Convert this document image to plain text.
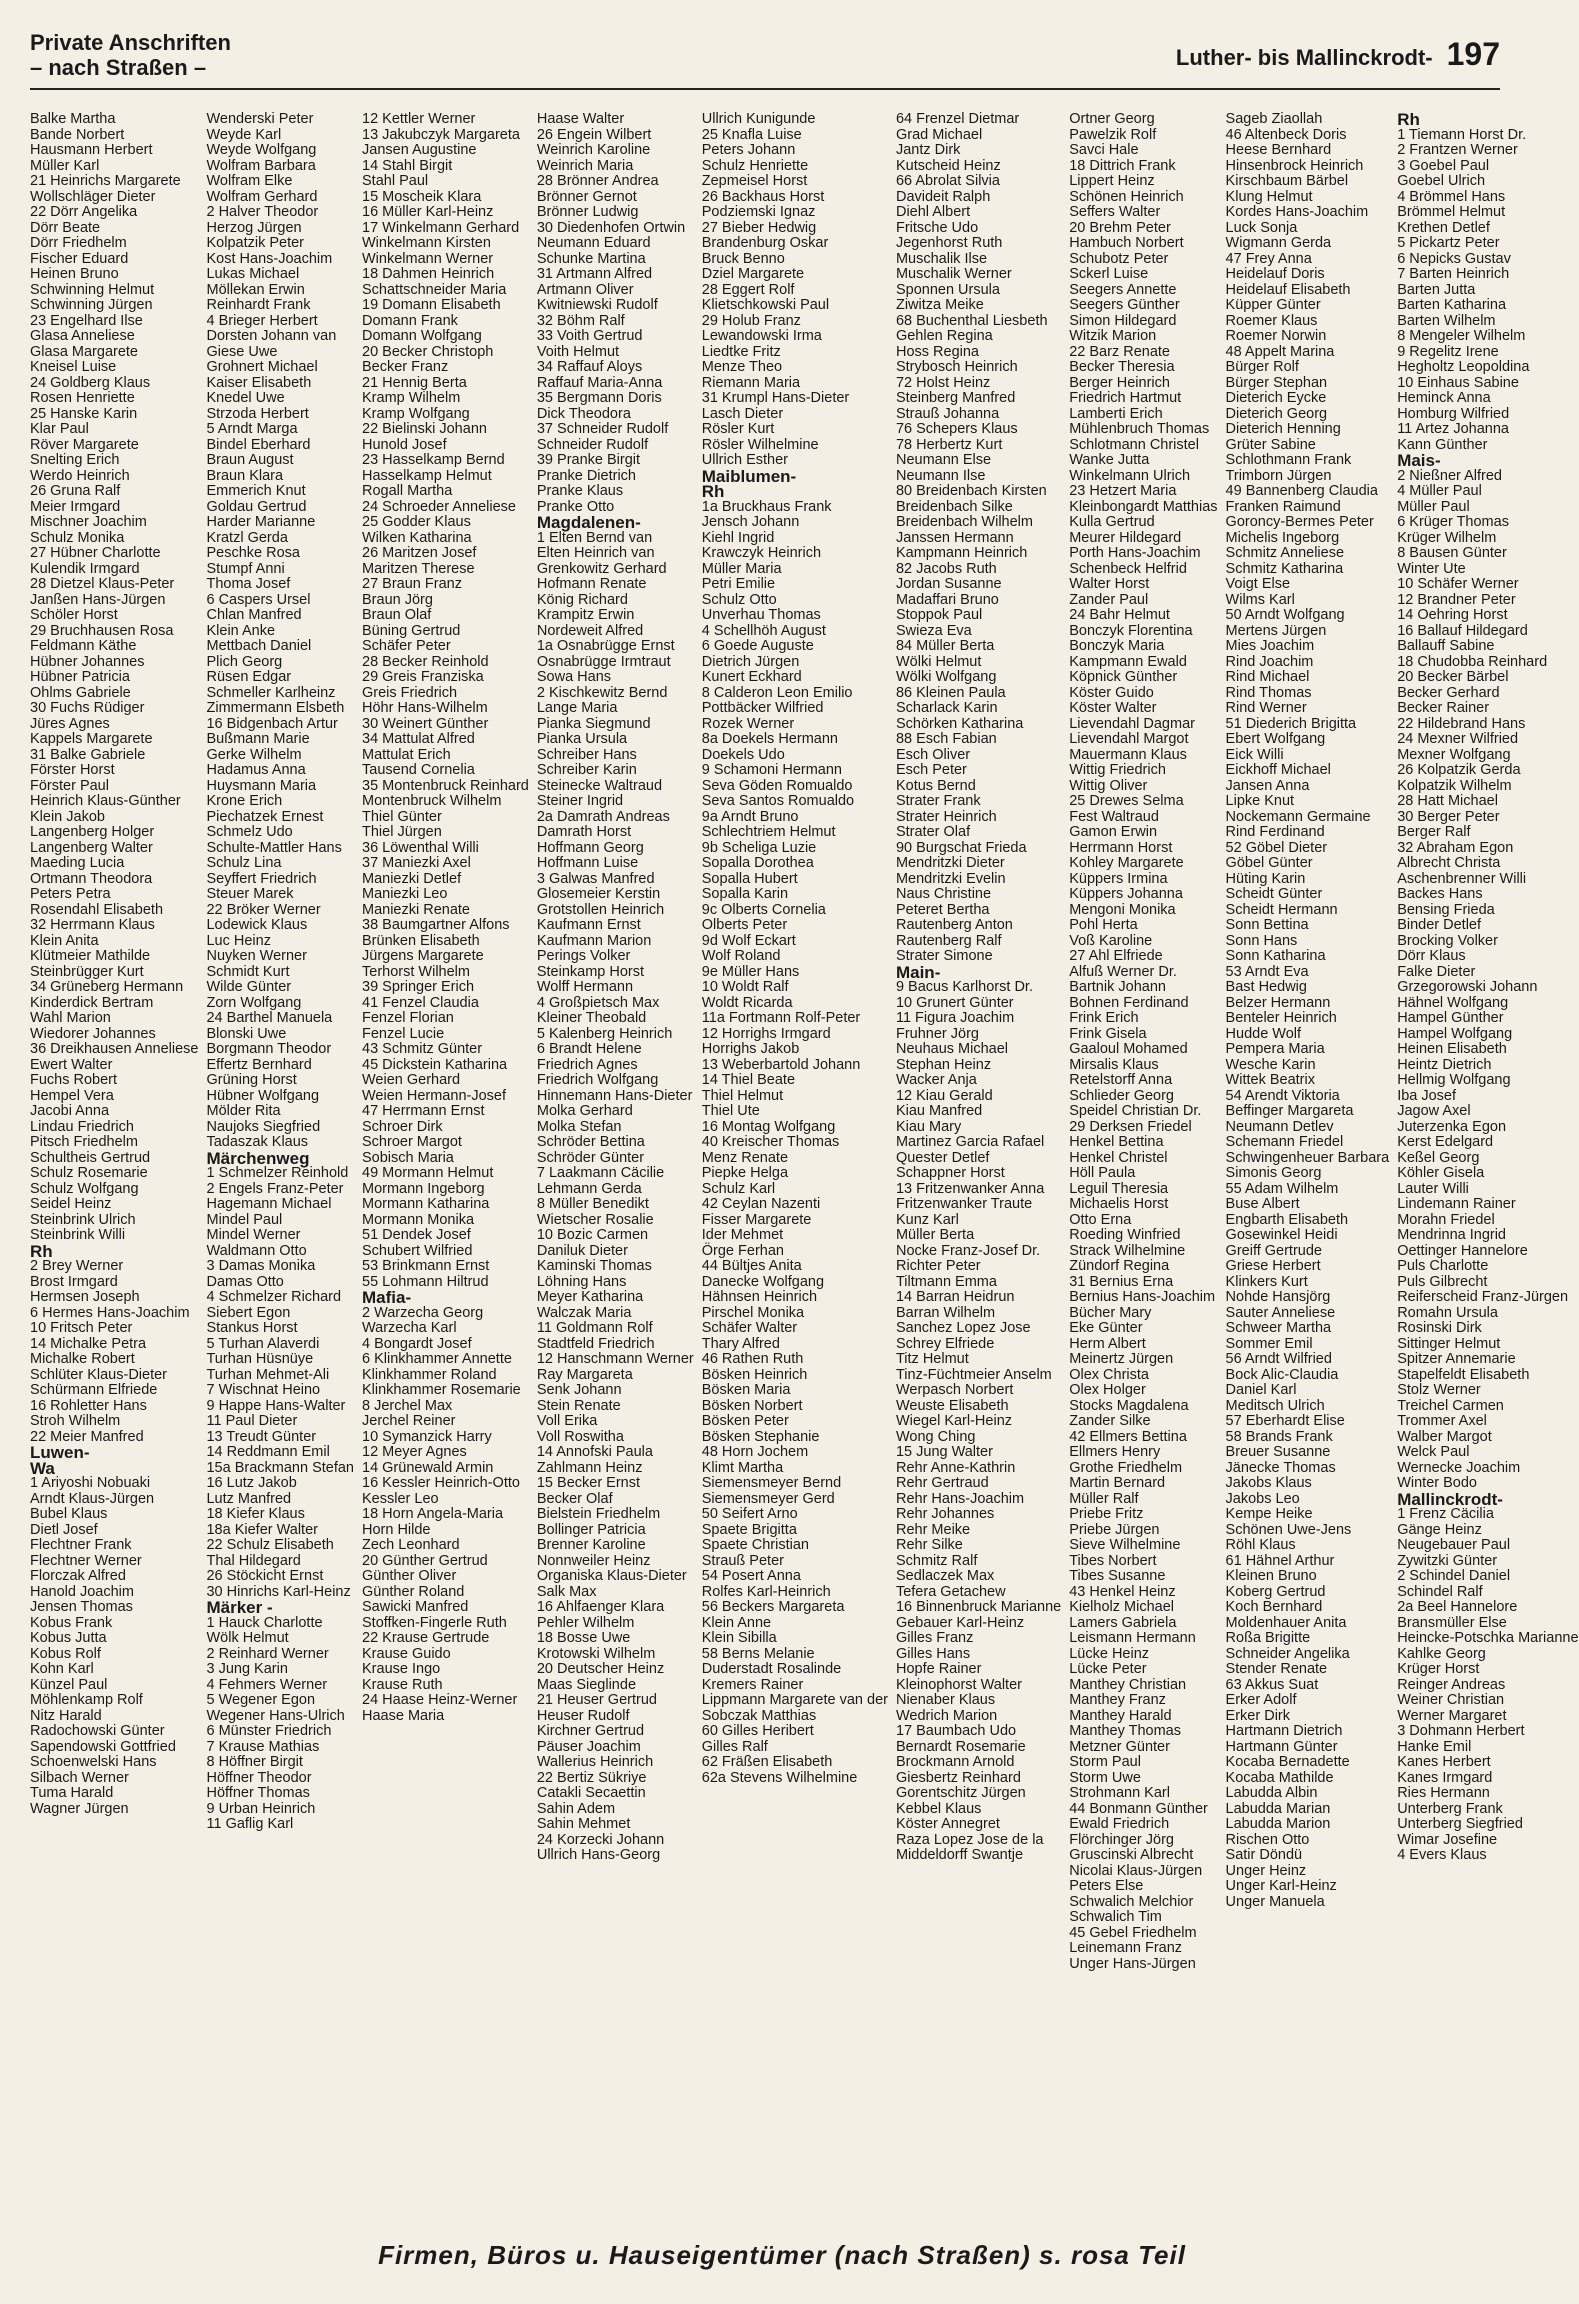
Private Anschriften
– nach Straßen –	Luther- bis Mallinckrodt- 197
Balke Martha
Bande Norbert
Hausmann Herbert
Müller Karl
21 Heinrichs Margarete
Wollschläger Dieter
22 Dörr Angelika
Dörr Beate
Dörr Friedhelm
Fischer Eduard
Heinen Bruno
Schwinning Helmut
Schwinning Jürgen
23 Engelhard Ilse
Glasa Anneliese
Glasa Margarete
Kneisel Luise
24 Goldberg Klaus
Rosen Henriette
25 Hanske Karin
Klar Paul
Röver Margarete
Snelting Erich
Werdo Heinrich
26 Gruna Ralf
Meier Irmgard
Mischner Joachim
Schulz Monika
27 Hübner Charlotte
Kulendik Irmgard
28 Dietzel Klaus-Peter
Janßen Hans-Jürgen
Schöler Horst
29 Bruchhausen Rosa
Feldmann Käthe
Hübner Johannes
Hübner Patricia
Ohlms Gabriele
30 Fuchs Rüdiger
Jüres Agnes
Kappels Margarete
31 Balke Gabriele
Förster Horst
Förster Paul
Heinrich Klaus-Günther
Klein Jakob
Langenberg Holger
Langenberg Walter
Maeding Lucia
Ortmann Theodora
Peters Petra
Rosendahl Elisabeth
32 Herrmann Klaus
Klein Anita
Klütmeier Mathilde
Steinbrügger Kurt
34 Grüneberg Hermann
Kinderdick Bertram
Wahl Marion
Wiedorer Johannes
36 Dreikhausen Anneliese
Ewert Walter
Fuchs Robert
Hempel Vera
Jacobi Anna
Lindau Friedrich
Pitsch Friedhelm
Schultheis Gertrud
Schulz Rosemarie
Schulz Wolfgang
Seidel Heinz
Steinbrink Ulrich
Steinbrink Willi
Rh
2 Brey Werner
Brost Irmgard
Hermsen Joseph
6 Hermes Hans-Joachim
10 Fritsch Peter
14 Michalke Petra
Michalke Robert
Schlüter Klaus-Dieter
Schürmann Elfriede
16 Rohletter Hans
Stroh Wilhelm
22 Meier Manfred
Luwen-
Wa
1 Ariyoshi Nobuaki
Arndt Klaus-Jürgen
Bubel Klaus
Dietl Josef
Flechtner Frank
Flechtner Werner
Florczak Alfred
Hanold Joachim
Jensen Thomas
Kobus Frank
Kobus Jutta
Kobus Rolf
Kohn Karl
Künzel Paul
Möhlenkamp Rolf
Nitz Harald
Radochowski Günter
Sapendowski Gottfried
Schoenwelski Hans
Silbach Werner
Tuma Harald
Wagner Jürgen
Wenderski Peter
Weyde Karl
Weyde Wolfgang
Wolfram Barbara
Wolfram Elke
Wolfram Gerhard
2 Halver Theodor
Herzog Jürgen
Kolpatzik Peter
Kost Hans-Joachim
Lukas Michael
Möllekan Erwin
Reinhardt Frank
4 Brieger Herbert
Dorsten Johann van
Giese Uwe
Grohnert Michael
Kaiser Elisabeth
Knedel Uwe
Strzoda Herbert
5 Arndt Marga
Bindel Eberhard
Braun August
Braun Klara
Emmerich Knut
Goldau Gertrud
Harder Marianne
Kratzl Gerda
Peschke Rosa
Stumpf Anni
Thoma Josef
6 Caspers Ursel
Chlan Manfred
Klein Anke
Mettbach Daniel
Plich Georg
Rüsen Edgar
Schmeller Karlheinz
Zimmermann Elsbeth
16 Bidgenbach Artur
Bußmann Marie
Gerke Wilhelm
Hadamus Anna
Huysmann Maria
Krone Erich
Piechatzek Ernest
Schmelz Udo
Schulte-Mattler Hans
Schulz Lina
Seyffert Friedrich
Steuer Marek
22 Bröker Werner
Lodewick Klaus
Luc Heinz
Nuyken Werner
Schmidt Kurt
Wilde Günter
Zorn Wolfgang
24 Barthel Manuela
Blonski Uwe
Borgmann Theodor
Effertz Bernhard
Grüning Horst
Hübner Wolfgang
Mölder Rita
Naujoks Siegfried
Tadaszak Klaus
Märchenweg
1 Schmelzer Reinhold
2 Engels Franz-Peter
Hagemann Michael
Mindel Paul
Mindel Werner
Waldmann Otto
3 Damas Monika
Damas Otto
4 Schmelzer Richard
Siebert Egon
Stankus Horst
5 Turhan Alaverdi
Turhan Hüsnüye
Turhan Mehmet-Ali
7 Wischnat Heino
9 Happe Hans-Walter
11 Paul Dieter
13 Treudt Günter
14 Reddmann Emil
15a Brackmann Stefan
16 Lutz Jakob
Lutz Manfred
18 Kiefer Klaus
18a Kiefer Walter
22 Schulz Elisabeth
Thal Hildegard
26 Stöckicht Ernst
30 Hinrichs Karl-Heinz
Märker -
1 Hauck Charlotte
Wölk Helmut
2 Reinhard Werner
3 Jung Karin
4 Fehmers Werner
5 Wegener Egon
Wegener Hans-Ulrich
6 Münster Friedrich
7 Krause Mathias
8 Höffner Birgit
Höffner Theodor
Höffner Thomas
9 Urban Heinrich
11 Gaflig Karl
12 Kettler Werner
13 Jakubczyk Margareta
Jansen Augustine
14 Stahl Birgit
Stahl Paul
15 Moscheik Klara
16 Müller Karl-Heinz
17 Winkelmann Gerhard
Winkelmann Kirsten
Winkelmann Werner
18 Dahmen Heinrich
Schattschneider Maria
19 Domann Elisabeth
Domann Frank
Domann Wolfgang
20 Becker Christoph
Becker Franz
21 Hennig Berta
Kramp Wilhelm
Kramp Wolfgang
22 Bielinski Johann
Hunold Josef
23 Hasselkamp Bernd
Hasselkamp Helmut
Rogall Martha
24 Schroeder Anneliese
25 Godder Klaus
Wilken Katharina
26 Maritzen Josef
Maritzen Therese
27 Braun Franz
Braun Jörg
Braun Olaf
Büning Gertrud
Schäfer Peter
28 Becker Reinhold
29 Greis Franziska
Greis Friedrich
Höhr Hans-Wilhelm
30 Weinert Günther
34 Mattulat Alfred
Mattulat Erich
Tausend Cornelia
35 Montenbruck Reinhard
Montenbruck Wilhelm
Thiel Günter
Thiel Jürgen
36 Löwenthal Willi
37 Maniezki Axel
Maniezki Detlef
Maniezki Leo
Maniezki Renate
38 Baumgartner Alfons
Brünken Elisabeth
Jürgens Margarete
Terhorst Wilhelm
39 Springer Erich
41 Fenzel Claudia
Fenzel Florian
Fenzel Lucie
43 Schmitz Günter
45 Dickstein Katharina
Weien Gerhard
Weien Hermann-Josef
47 Herrmann Ernst
Schroer Dirk
Schroer Margot
Sobisch Maria
49 Mormann Helmut
Mormann Ingeborg
Mormann Katharina
Mormann Monika
51 Dendek Josef
Schubert Wilfried
53 Brinkmann Ernst
55 Lohmann Hiltrud
Mafia-
2 Warzecha Georg
Warzecha Karl
4 Bongardt Josef
6 Klinkhammer Annette
Klinkhammer Roland
Klinkhammer Rosemarie
8 Jerchel Max
Jerchel Reiner
10 Symanzick Harry
12 Meyer Agnes
14 Grünewald Armin
16 Kessler Heinrich-Otto
Kessler Leo
18 Horn Angela-Maria
Horn Hilde
Zech Leonhard
20 Günther Gertrud
Günther Oliver
Günther Roland
Sawicki Manfred
Stoffken-Fingerle Ruth
22 Krause Gertrude
Krause Guido
Krause Ingo
Krause Ruth
24 Haase Heinz-Werner
Haase Maria
Haase Walter
26 Engein Wilbert
Weinrich Karoline
Weinrich Maria
28 Brönner Andrea
Brönner Gernot
Brönner Ludwig
30 Diedenhofen Ortwin
Neumann Eduard
Schunke Martina
31 Artmann Alfred
Artmann Oliver
Kwitniewski Rudolf
32 Böhm Ralf
33 Voith Gertrud
Voith Helmut
34 Raffauf Aloys
Raffauf Maria-Anna
35 Bergmann Doris
Dick Theodora
37 Schneider Rudolf
Schneider Rudolf
39 Pranke Birgit
Pranke Dietrich
Pranke Klaus
Pranke Otto
Magdalenen-
1 Elten Bernd van
Elten Heinrich van
Grenkowitz Gerhard
Hofmann Renate
König Richard
Krampitz Erwin
Nordeweit Alfred
1a Osnabrügge Ernst
Osnabrügge Irmtraut
Sowa Hans
2 Kischkewitz Bernd
Lange Maria
Pianka Siegmund
Pianka Ursula
Schreiber Hans
Schreiber Karin
Steinecke Waltraud
Steiner Ingrid
2a Damrath Andreas
Damrath Horst
Hoffmann Georg
Hoffmann Luise
3 Galwas Manfred
Glosemeier Kerstin
Grotstollen Heinrich
Kaufmann Ernst
Kaufmann Marion
Perings Volker
Steinkamp Horst
Wolff Hermann
4 Großpietsch Max
Kleiner Theobald
5 Kalenberg Heinrich
6 Brandt Helene
Friedrich Agnes
Friedrich Wolfgang
Hinnemann Hans-Dieter
Molka Gerhard
Molka Stefan
Schröder Bettina
Schröder Günter
7 Laakmann Cäcilie
Lehmann Gerda
8 Müller Benedikt
Wietscher Rosalie
10 Bozic Carmen
Daniluk Dieter
Kaminski Thomas
Löhning Hans
Meyer Katharina
Walczak Maria
11 Goldmann Rolf
Stadtfeld Friedrich
12 Hanschmann Werner
Ray Margareta
Senk Johann
Stein Renate
Voll Erika
Voll Roswitha
14 Annofski Paula
Zahlmann Heinz
15 Becker Ernst
Becker Olaf
Bielstein Friedhelm
Bollinger Patricia
Brenner Karoline
Nonnweiler Heinz
Organiska Klaus-Dieter
Salk Max
16 Ahlfaenger Klara
Pehler Wilhelm
18 Bosse Uwe
Krotowski Wilhelm
20 Deutscher Heinz
Maas Sieglinde
21 Heuser Gertrud
Heuser Rudolf
Kirchner Gertrud
Päuser Joachim
Wallerius Heinrich
22 Bertiz Sükriye
Catakli Secaettin
Sahin Adem
Sahin Mehmet
24 Korzecki Johann
Ullrich Hans-Georg
Ullrich Kunigunde
25 Knafla Luise
Peters Johann
Schulz Henriette
Zepmeisel Horst
26 Backhaus Horst
Podziemski Ignaz
27 Bieber Hedwig
Brandenburg Oskar
Bruck Benno
Dziel Margarete
28 Eggert Rolf
Klietschkowski Paul
29 Holub Franz
Lewandowski Irma
Liedtke Fritz
Menze Theo
Riemann Maria
31 Krumpl Hans-Dieter
Lasch Dieter
Rösler Kurt
Rösler Wilhelmine
Ullrich Esther
Maiblumen-
Rh
1a Bruckhaus Frank
Jensch Johann
Kiehl Ingrid
Krawczyk Heinrich
Müller Maria
Petri Emilie
Schulz Otto
Unverhau Thomas
4 Schellhöh August
6 Goede Auguste
Dietrich Jürgen
Kunert Eckhard
8 Calderon Leon Emilio
Pottbäcker Wilfried
Rozek Werner
8a Doekels Hermann
Doekels Udo
9 Schamoni Hermann
Seva Göden Romualdo
Seva Santos Romualdo
9a Arndt Bruno
Schlechtriem Helmut
9b Scheliga Luzie
Sopalla Dorothea
Sopalla Hubert
Sopalla Karin
9c Olberts Cornelia
Olberts Peter
9d Wolf Eckart
Wolf Roland
9e Müller Hans
10 Woldt Ralf
Woldt Ricarda
11a Fortmann Rolf-Peter
12 Horrighs Irmgard
Horrighs Jakob
13 Weberbartold Johann
14 Thiel Beate
Thiel Helmut
Thiel Ute
16 Montag Wolfgang
40 Kreischer Thomas
Menz Renate
Piepke Helga
Schulz Karl
42 Ceylan Nazenti
Fisser Margarete
Ider Mehmet
Örge Ferhan
44 Bültjes Anita
Danecke Wolfgang
Hähnsen Heinrich
Pirschel Monika
Schäfer Walter
Thary Alfred
46 Rathen Ruth
Bösken Heinrich
Bösken Maria
Bösken Norbert
Bösken Peter
Bösken Stephanie
48 Horn Jochem
Klimt Martha
Siemensmeyer Bernd
Siemensmeyer Gerd
50 Seifert Arno
Spaete Brigitta
Spaete Christian
Strauß Peter
54 Posert Anna
Rolfes Karl-Heinrich
56 Beckers Margareta
Klein Anne
Klein Sibilla
58 Berns Melanie
Duderstadt Rosalinde
Kremers Rainer
Lippmann Margarete van der
Sobczak Matthias
60 Gilles Heribert
Gilles Ralf
62 Fräßen Elisabeth
62a Stevens Wilhelmine
64 Frenzel Dietmar
Grad Michael
Jantz Dirk
Kutscheid Heinz
66 Abrolat Silvia
Davideit Ralph
Diehl Albert
Fritsche Udo
Jegenhorst Ruth
Muschalik Ilse
Muschalik Werner
Sponnen Ursula
Ziwitza Meike
68 Buchenthal Liesbeth
Gehlen Regina
Hoss Regina
Strybosch Heinrich
72 Holst Heinz
Steinberg Manfred
Strauß Johanna
76 Schepers Klaus
78 Herbertz Kurt
Neumann Else
Neumann Ilse
80 Breidenbach Kirsten
Breidenbach Silke
Breidenbach Wilhelm
Janssen Hermann
Kampmann Heinrich
82 Jacobs Ruth
Jordan Susanne
Madaffari Bruno
Stoppok Paul
Swieza Eva
84 Müller Berta
Wölki Helmut
Wölki Wolfgang
86 Kleinen Paula
Scharlack Karin
Schörken Katharina
88 Esch Fabian
Esch Oliver
Esch Peter
Kotus Bernd
Strater Frank
Strater Heinrich
Strater Olaf
90 Burgschat Frieda
Mendritzki Dieter
Mendritzki Evelin
Naus Christine
Peteret Bertha
Rautenberg Anton
Rautenberg Ralf
Strater Simone
Main-
9 Bacus Karlhorst Dr.
10 Grunert Günter
11 Figura Joachim
Fruhner Jörg
Neuhaus Michael
Stephan Heinz
Wacker Anja
12 Kiau Gerald
Kiau Manfred
Kiau Mary
Martinez Garcia Rafael
Quester Detlef
Schappner Horst
13 Fritzenwanker Anna
Fritzenwanker Traute
Kunz Karl
Müller Berta
Nocke Franz-Josef Dr.
Richter Peter
Tiltmann Emma
14 Barran Heidrun
Barran Wilhelm
Sanchez Lopez Jose
Schrey Elfriede
Titz Helmut
Tinz-Füchtmeier Anselm
Werpasch Norbert
Weuste Elisabeth
Wiegel Karl-Heinz
Wong Ching
15 Jung Walter
Rehr Anne-Kathrin
Rehr Gertraud
Rehr Hans-Joachim
Rehr Johannes
Rehr Meike
Rehr Silke
Schmitz Ralf
Sedlaczek Max
Tefera Getachew
16 Binnenbruck Marianne
Gebauer Karl-Heinz
Gilles Franz
Gilles Hans
Hopfe Rainer
Kleinophorst Walter
Nienaber Klaus
Wedrich Marion
17 Baumbach Udo
Bernardt Rosemarie
Brockmann Arnold
Giesbertz Reinhard
Gorentschitz Jürgen
Kebbel Klaus
Köster Annegret
Raza Lopez Jose de la
Middeldorff Swantje
Ortner Georg
Pawelzik Rolf
Savci Hale
18 Dittrich Frank
Lippert Heinz
Schönen Heinrich
Seffers Walter
20 Brehm Peter
Hambuch Norbert
Schubotz Peter
Sckerl Luise
Seegers Annette
Seegers Günther
Simon Hildegard
Witzik Marion
22 Barz Renate
Becker Theresia
Berger Heinrich
Friedrich Hartmut
Lamberti Erich
Mühlenbruch Thomas
Schlotmann Christel
Wanke Jutta
Winkelmann Ulrich
23 Hetzert Maria
Kleinbongardt Matthias
Kulla Gertrud
Meurer Hildegard
Porth Hans-Joachim
Schenbeck Helfrid
Walter Horst
Zander Paul
24 Bahr Helmut
Bonczyk Florentina
Bonczyk Maria
Kampmann Ewald
Köpnick Günther
Köster Guido
Köster Walter
Lievendahl Dagmar
Lievendahl Margot
Mauermann Klaus
Wittig Friedrich
Wittig Oliver
25 Drewes Selma
Fest Waltraud
Gamon Erwin
Herrmann Horst
Kohley Margarete
Küppers Irmina
Küppers Johanna
Mengoni Monika
Pohl Herta
Voß Karoline
27 Ahl Elfriede
Alfuß Werner Dr.
Bartnik Johann
Bohnen Ferdinand
Frink Erich
Frink Gisela
Gaaloul Mohamed
Mirsalis Klaus
Retelstorff Anna
Schlieder Georg
Speidel Christian Dr.
29 Derksen Friedel
Henkel Bettina
Henkel Christel
Höll Paula
Leguil Theresia
Michaelis Horst
Otto Erna
Roeding Winfried
Strack Wilhelmine
Zündorf Regina
31 Bernius Erna
Bernius Hans-Joachim
Bücher Mary
Eke Günter
Herm Albert
Meinertz Jürgen
Olex Christa
Olex Holger
Stocks Magdalena
Zander Silke
42 Ellmers Bettina
Ellmers Henry
Grothe Friedhelm
Martin Bernard
Müller Ralf
Priebe Fritz
Priebe Jürgen
Sieve Wilhelmine
Tibes Norbert
Tibes Susanne
43 Henkel Heinz
Kielholz Michael
Lamers Gabriela
Leismann Hermann
Lücke Heinz
Lücke Peter
Manthey Christian
Manthey Franz
Manthey Harald
Manthey Thomas
Metzner Günter
Storm Paul
Storm Uwe
Strohmann Karl
44 Bonmann Günther
Ewald Friedrich
Flörchinger Jörg
Gruscinski Albrecht
Nicolai Klaus-Jürgen
Peters Else
Schwalich Melchior
Schwalich Tim
45 Gebel Friedhelm
Leinemann Franz
Unger Hans-Jürgen
Sageb Ziaollah
46 Altenbeck Doris
Heese Bernhard
Hinsenbrock Heinrich
Kirschbaum Bärbel
Klung Helmut
Kordes Hans-Joachim
Luck Sonja
Wigmann Gerda
47 Frey Anna
Heidelauf Doris
Heidelauf Elisabeth
Küpper Günter
Roemer Klaus
Roemer Norwin
48 Appelt Marina
Bürger Rolf
Bürger Stephan
Dieterich Eycke
Dieterich Georg
Dieterich Henning
Grüter Sabine
Schlothmann Frank
Trimborn Jürgen
49 Bannenberg Claudia
Franken Raimund
Goroncy-Bermes Peter
Michelis Ingeborg
Schmitz Anneliese
Schmitz Katharina
Voigt Else
Wilms Karl
50 Arndt Wolfgang
Mertens Jürgen
Mies Joachim
Rind Joachim
Rind Michael
Rind Thomas
Rind Werner
51 Diederich Brigitta
Ebert Wolfgang
Eick Willi
Eickhoff Michael
Jansen Anna
Lipke Knut
Nockemann Germaine
Rind Ferdinand
52 Göbel Dieter
Göbel Günter
Hüting Karin
Scheidt Günter
Scheidt Hermann
Sonn Bettina
Sonn Hans
Sonn Katharina
53 Arndt Eva
Bast Hedwig
Belzer Hermann
Benteler Heinrich
Hudde Wolf
Pempera Maria
Wesche Karin
Wittek Beatrix
54 Arendt Viktoria
Beffinger Margareta
Neumann Detlev
Schemann Friedel
Schwingenheuer Barbara
Simonis Georg
55 Adam Wilhelm
Buse Albert
Engbarth Elisabeth
Gosewinkel Heidi
Greiff Gertrude
Griese Herbert
Klinkers Kurt
Nohde Hansjörg
Sauter Anneliese
Schweer Martha
Sommer Emil
56 Arndt Wilfried
Bock Alic-Claudia
Daniel Karl
Meditsch Ulrich
57 Eberhardt Elise
58 Brands Frank
Breuer Susanne
Jänecke Thomas
Jakobs Klaus
Jakobs Leo
Kempe Heike
Schönen Uwe-Jens
Röhl Klaus
61 Hähnel Arthur
Kleinen Bruno
Koberg Gertrud
Koch Bernhard
Moldenhauer Anita
Roßa Brigitte
Schneider Angelika
Stender Renate
63 Akkus Suat
Erker Adolf
Erker Dirk
Hartmann Dietrich
Hartmann Günter
Kocaba Bernadette
Kocaba Mathilde
Labudda Albin
Labudda Marian
Labudda Marion
Rischen Otto
Satir Döndü
Unger Heinz
Unger Karl-Heinz
Unger Manuela
Rh
1 Tiemann Horst Dr.
2 Frantzen Werner
3 Goebel Paul
Goebel Ulrich
4 Brömmel Hans
Brömmel Helmut
Krethen Detlef
5 Pickartz Peter
6 Nepicks Gustav
7 Barten Heinrich
Barten Jutta
Barten Katharina
Barten Wilhelm
8 Mengeler Wilhelm
9 Regelitz Irene
Hegholtz Leopoldina
10 Einhaus Sabine
Heminck Anna
Homburg Wilfried
11 Artez Johanna
Kann Günther
Mais-
2 Nießner Alfred
4 Müller Paul
Müller Paul
6 Krüger Thomas
Krüger Wilhelm
8 Bausen Günter
Winter Ute
10 Schäfer Werner
12 Brandner Peter
14 Oehring Horst
16 Ballauf Hildegard
Ballauff Sabine
18 Chudobba Reinhard
20 Becker Bärbel
Becker Gerhard
Becker Rainer
22 Hildebrand Hans
24 Mexner Wilfried
Mexner Wolfgang
26 Kolpatzik Gerda
Kolpatzik Wilhelm
28 Hatt Michael
30 Berger Peter
Berger Ralf
32 Abraham Egon
Albrecht Christa
Aschenbrenner Willi
Backes Hans
Bensing Frieda
Binder Detlef
Brocking Volker
Dörr Klaus
Falke Dieter
Grzegorowski Johann
Hähnel Wolfgang
Hampel Günther
Hampel Wolfgang
Heinen Elisabeth
Heintz Dietrich
Hellmig Wolfgang
Iba Josef
Jagow Axel
Juterzenka Egon
Kerst Edelgard
Keßel Georg
Köhler Gisela
Lauter Willi
Lindemann Rainer
Morahn Friedel
Mendrinna Ingrid
Oettinger Hannelore
Puls Charlotte
Puls Gilbrecht
Reiferscheid Franz-Jürgen
Romahn Ursula
Rosinski Dirk
Sittinger Helmut
Spitzer Annemarie
Stapelfeldt Elisabeth
Stolz Werner
Treichel Carmen
Trommer Axel
Walber Margot
Welck Paul
Wernecke Joachim
Winter Bodo
Mallinckrodt-
1 Frenz Cäcilia
Gänge Heinz
Neugebauer Paul
Zywitzki Günter
2 Schindel Daniel
Schindel Ralf
2a Beel Hannelore
Bransmüller Else
Heincke-Potschka Marianne
Kahlke Georg
Krüger Horst
Reinger Andreas
Weiner Christian
Werner Margaret
3 Dohmann Herbert
Hanke Emil
Kanes Herbert
Kanes Irmgard
Ries Hermann
Unterberg Frank
Unterberg Siegfried
Wimar Josefine
4 Evers Klaus
Firmen, Büros u. Hauseigentümer (nach Straßen) s. rosa Teil
